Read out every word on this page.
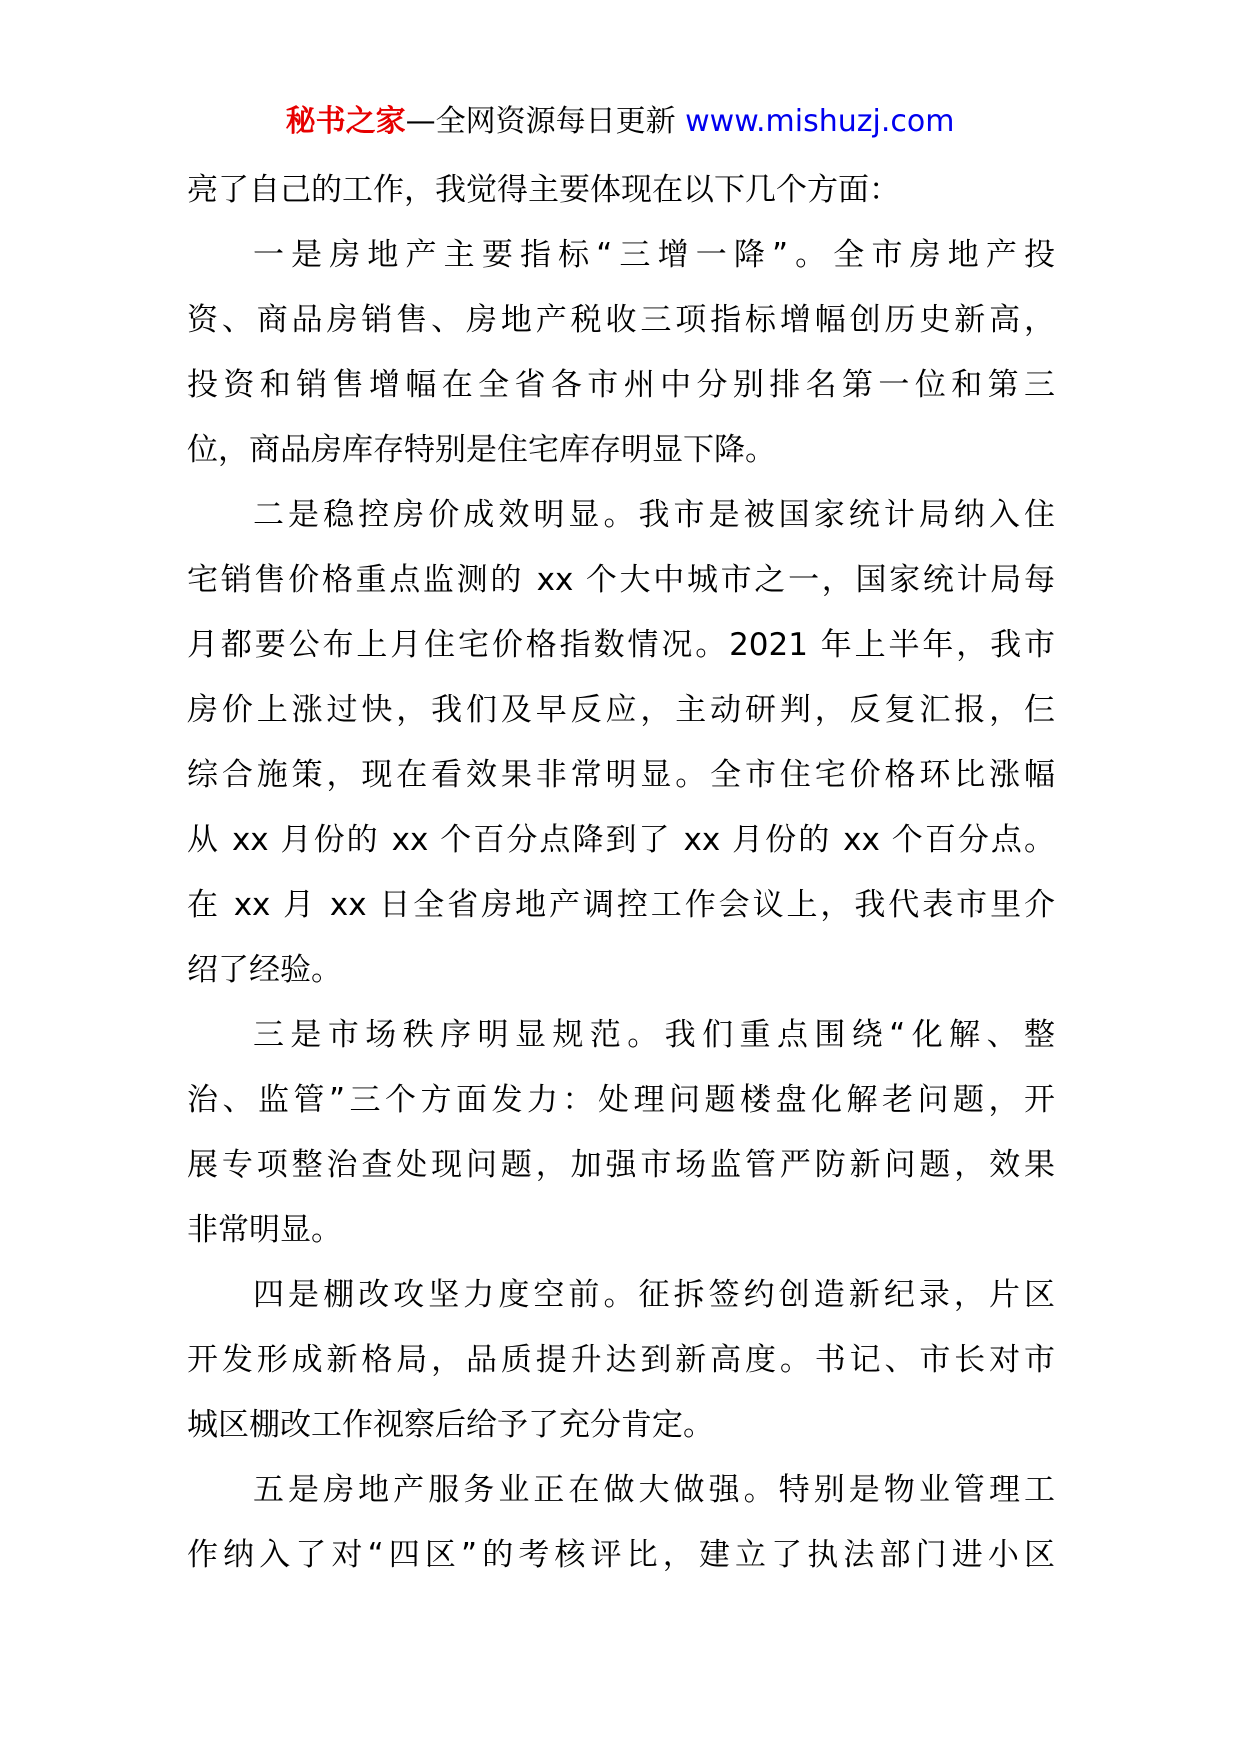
秘书之家—全网资源每日更新 www.mishuzj.com
亮了自己的工作，我觉得主要体现在以下几个方面：
一是房地产主要指标“三增一降”。全市房地产投
资、商品房销售、房地产税收三项指标增幅创历史新高，
投资和销售增幅在全省各市州中分别排名第一位和第三
位，商品房库存特别是住宅库存明显下降。
二是稳控房价成效明显。我市是被国家统计局纳入住
宅销售价格重点监测的 xx 个大中城市之一，国家统计局每
月都要公布上月住宅价格指数情况。2021 年上半年，我市
房价上涨过快，我们及早反应，主动研判，反复汇报，仨
综合施策，现在看效果非常明显。全市住宅价格环比涨幅
从 xx 月份的 xx 个百分点降到了 xx 月份的 xx 个百分点。
在 xx 月 xx 日全省房地产调控工作会议上，我代表市里介
绍了经验。
三是市场秩序明显规范。我们重点围绕“化解、整
治、监管”三个方面发力：处理问题楼盘化解老问题，开
展专项整治查处现问题，加强市场监管严防新问题，效果
非常明显。
四是棚改攻坚力度空前。征拆签约创造新纪录，片区
开发形成新格局，品质提升达到新高度。书记、市长对市
城区棚改工作视察后给予了充分肯定。
五是房地产服务业正在做大做强。特别是物业管理工
作纳入了对“四区”的考核评比，建立了执法部门进小区
